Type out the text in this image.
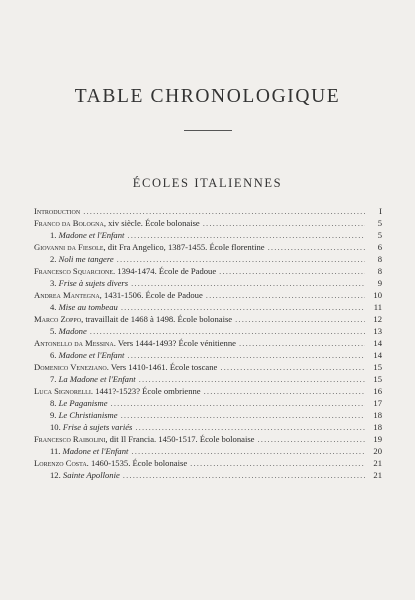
TABLE CHRONOLOGIQUE
ÉCOLES ITALIENNES
Introduction . . .	I
Franco da Bologna, xiv siècle. École bolonaise . . .	5
1. Madone et l'Enfant . . .	5
Giovanni da Fiesole, dit Fra Angelico, 1387-1455. École florentine . . .	6
2. Noli me tangere . . .	8
Francesco Squarcione. 1394-1474. École de Padoue . . .	8
3. Frise à sujets divers . . .	9
Andrea Mantegna, 1431-1506. École de Padoue . . .	10
4. Mise au tombeau . . .	11
Marco Zoppo, travaillait de 1468 à 1498. École bolonaise . . .	12
5. Madone . . .	13
Antonello da Messina. Vers 1444-1493? École vénitienne . . .	14
6. Madone et l'Enfant . . .	14
Domenico Veneziano. Vers 1410-1461. École toscane . . .	15
7. La Madone et l'Enfant . . .	15
Luca Signorelli. 1441?-1523? École ombrienne . . .	16
8. Le Paganisme . . .	17
9. Le Christianisme . . .	18
10. Frise à sujets variés . . .	18
Francesco Raibolini, dit Il Francia. 1450-1517. École bolonaise . . .	19
11. Madone et l'Enfant . . .	20
Lorenzo Costa. 1460-1535. École bolonaise . . .	21
12. Sainte Apollonie . . .	21
